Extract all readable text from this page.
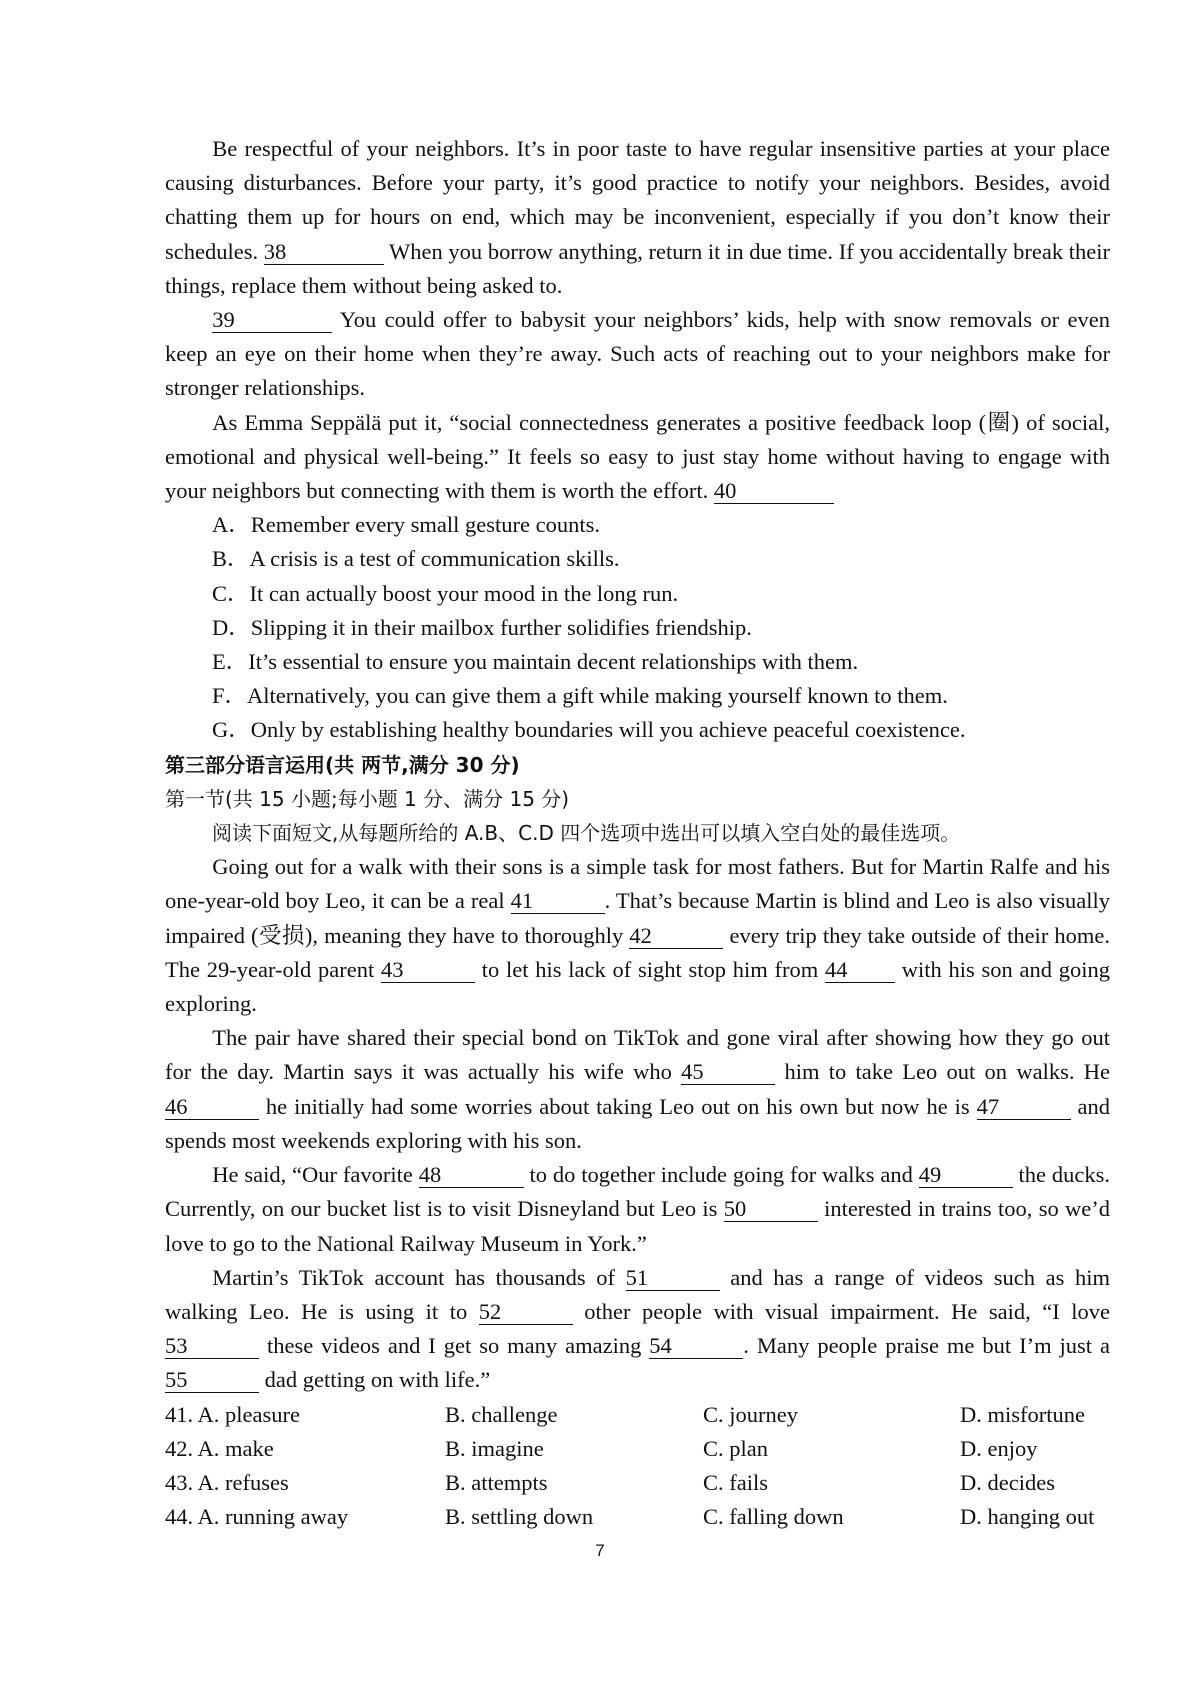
Be respectful of your neighbors. It’s in poor taste to have regular insensitive parties at your place causing disturbances. Before your party, it’s good practice to notify your neighbors. Besides, avoid chatting them up for hours on end, which may be inconvenient, especially if you don’t know their schedules. 38	When you borrow anything, return it in due time. If you accidentally break their things, replace them without being asked to.

39	You could offer to babysit your neighbors’ kids, help with snow removals or even keep an eye on their home when they’re away. Such acts of reaching out to your neighbors make for stronger relationships.

As Emma Seppälä put it, “social connectedness generates a positive feedback loop (圈) of social, emotional and physical well-being.” It feels so easy to just stay home without having to engage with your neighbors but connecting with them is worth the effort. 40

A．Remember every small gesture counts.

B．A crisis is a test of communication skills.

C．It can actually boost your mood in the long run.

D．Slipping it in their mailbox further solidifies friendship.

E．It’s essential to ensure you maintain decent relationships with them.

F．Alternatively, you can give them a gift while making yourself known to them.

G．Only by establishing healthy boundaries will you achieve peaceful coexistence.

第三部分语言运用(共 两节,满分 30 分)

第一节(共 15 小题;每小题 1 分、满分 15 分)

阅读下面短文,从每题所给的 A.B、C.D 四个选项中选出可以填入空白处的最佳选项。

Going out for a walk with their sons is a simple task for most fathers. But for Martin Ralfe and his one-year-old boy Leo, it can be a real 41	. That’s because Martin is blind and Leo is also visually impaired (受损), meaning they have to thoroughly 42	every trip they take outside of their home. The 29-year-old parent 43	to let his lack of sight stop him from 44 with his son and going exploring.

The pair have shared their special bond on TikTok and gone viral after showing how they go out for the day. Martin says it was actually his wife who 45	him to take Leo out on walks. He 46	he initially had some worries about taking Leo out on his own but now he is 47	and spends most weekends exploring with his son.

He said, “Our favorite 48	to do together include going for walks and 49	the ducks. Currently, on our bucket list is to visit Disneyland but Leo is 50	interested in trains too, so we’d love to go to the National Railway Museum in York.”

Martin’s TikTok account has thousands of 51	and has a range of videos such as him walking Leo. He is using it to 52	other people with visual impairment. He said, “I love 53	these videos and I get so many amazing 54	. Many people praise me but I’m just a 55	dad getting on with life.”

41. A. pleasure	B. challenge	C. journey	D. misfortune
42. A. make	B. imagine	C. plan	D. enjoy
43. A. refuses	B. attempts	C. fails	D. decides
44. A. running away	B. settling down	C. falling down	D. hanging out
7
